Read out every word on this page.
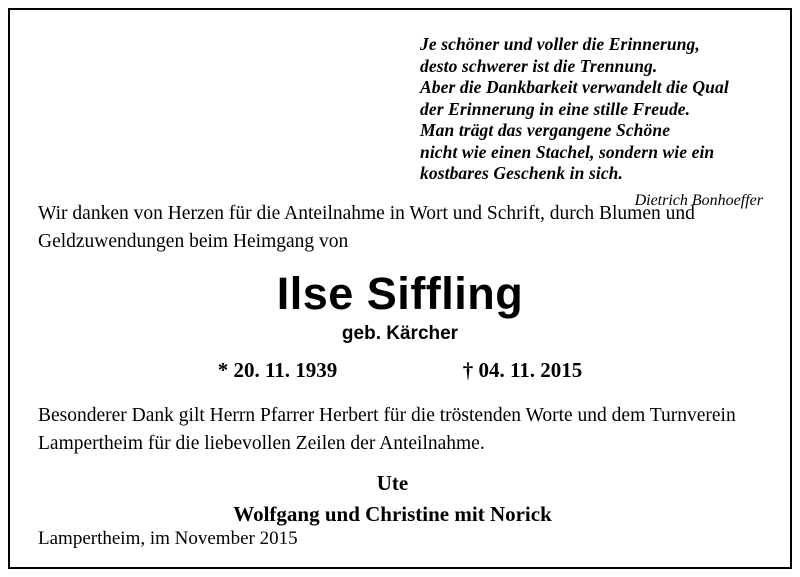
Je schöner und voller die Erinnerung,
desto schwerer ist die Trennung.
Aber die Dankbarkeit verwandelt die Qual
der Erinnerung in eine stille Freude.
Man trägt das vergangene Schöne
nicht wie einen Stachel, sondern wie ein
kostbares Geschenk in sich.
Dietrich Bonhoeffer
Wir danken von Herzen für die Anteilnahme in Wort und Schrift, durch Blumen und Geldzuwendungen beim Heimgang von
Ilse Siffling
geb. Kärcher
* 20. 11. 1939	† 04. 11. 2015
Besonderer Dank gilt Herrn Pfarrer Herbert für die tröstenden Worte und dem Turnverein Lampertheim für die liebevollen Zeilen der Anteilnahme.
Ute
Wolfgang und Christine mit Norick
Lampertheim, im November 2015
